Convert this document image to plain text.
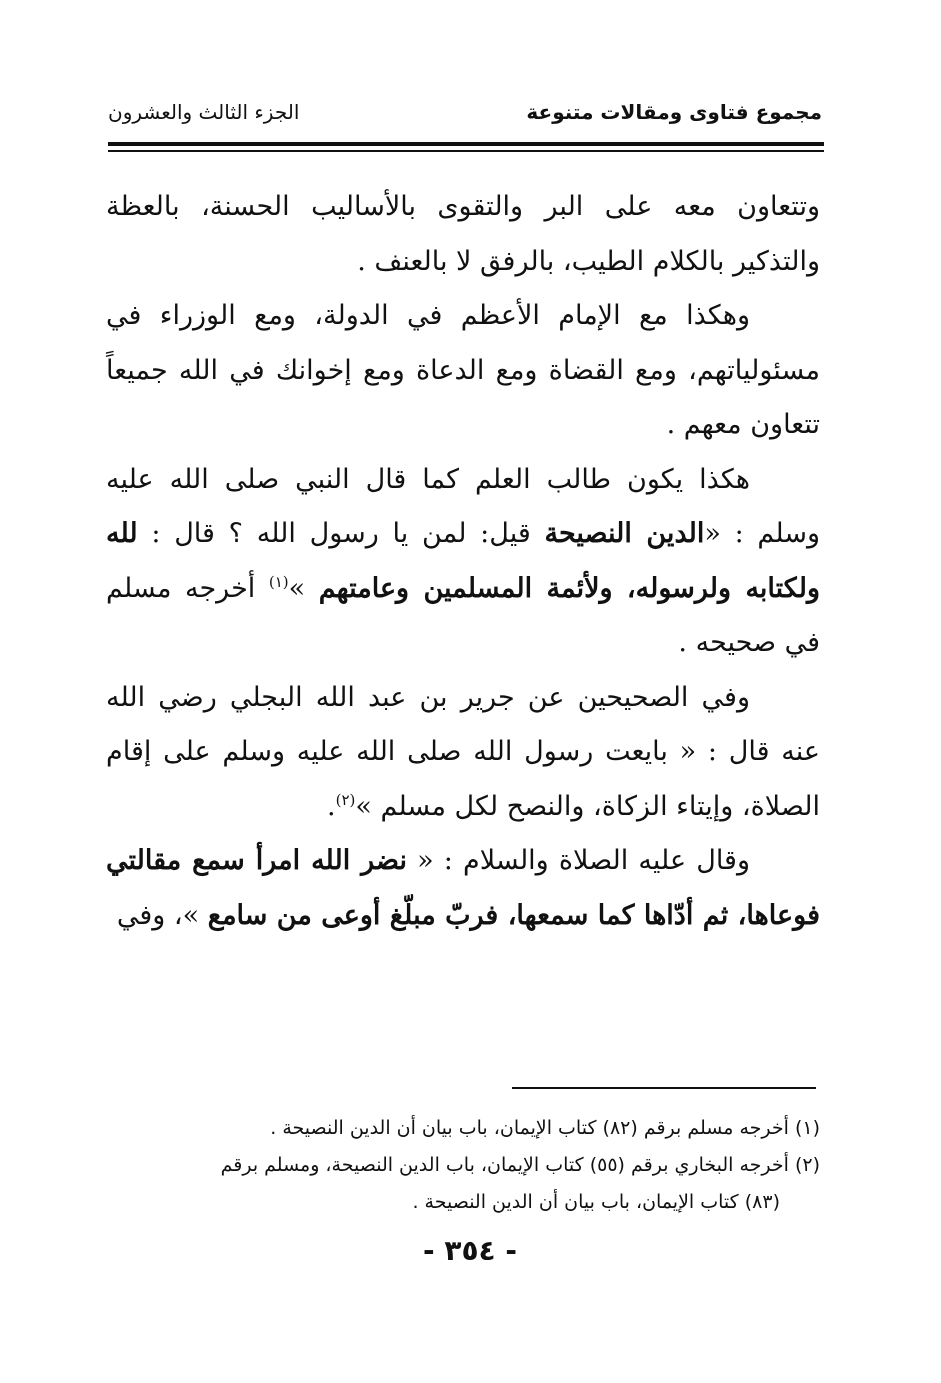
مجموع فتاوى ومقالات متنوعة
الجزء الثالث والعشرون

وتتعاون معه على البر والتقوى بالأساليب الحسنة، بالعظة والتذكير بالكلام الطيب، بالرفق لا بالعنف .

وهكذا مع الإمام الأعظم في الدولة، ومع الوزراء في مسئولياتهم، ومع القضاة ومع الدعاة ومع إخوانك في الله جميعاً تتعاون معهم .

هكذا يكون طالب العلم كما قال النبي صلى الله عليه وسلم : «الدين النصيحة قيل: لمن يا رسول الله ؟ قال : لله ولكتابه ولرسوله، ولأئمة المسلمين وعامتهم »$^{(١)}$ أخرجه مسلم في صحيحه .

وفي الصحيحين عن جرير بن عبد الله البجلي رضي الله عنه قال : « بايعت رسول الله صلى الله عليه وسلم على إقام الصلاة، وإيتاء الزكاة، والنصح لكل مسلم »$^{(٢)}$.

وقال عليه الصلاة والسلام : « نضر الله امرأ سمع مقالتي فوعاها، ثم أدّاها كما سمعها، فربّ مبلّغ أوعى من سامع »، وفي

(١) أخرجه مسلم برقم (٨٢) كتاب الإيمان، باب بيان أن الدين النصيحة .

(٢) أخرجه البخاري برقم (٥٥) كتاب الإيمان، باب الدين النصيحة، ومسلم برقم

(٨٣) كتاب الإيمان، باب بيان أن الدين النصيحة .

- ٣٥٤ -
